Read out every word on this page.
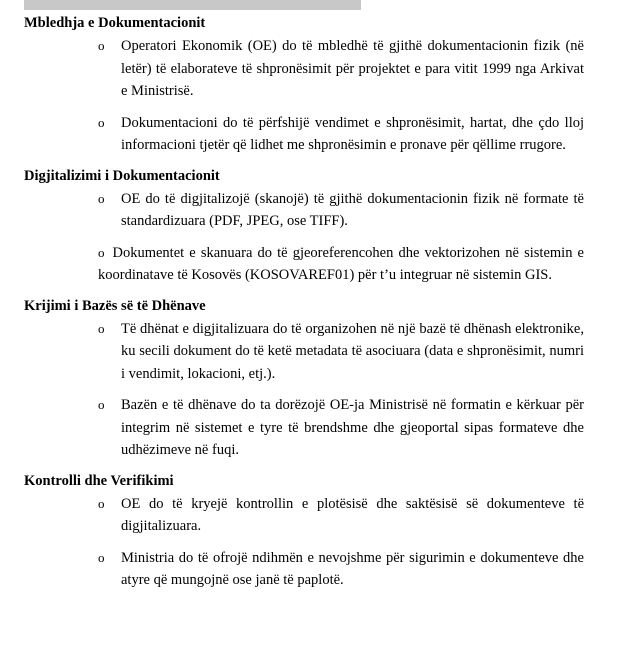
Mbledhja e Dokumentacionit
o Operatori Ekonomik (OE) do të mbledhë të gjithë dokumentacionin fizik (në letër) të elaborateve të shpronësimit për projektet e para vitit 1999 nga Arkivat e Ministrisë.
o Dokumentacioni do të përfshijë vendimet e shpronësimit, hartat, dhe çdo lloj informacioni tjetër që lidhet me shpronësimin e pronave për qëllime rrugore.
Digjitalizimi i Dokumentacionit
o OE do të digjitalizojë (skanojë) të gjithë dokumentacionin fizik në formate të standardizuara (PDF, JPEG, ose TIFF).
o Dokumentet e skanuara do të gjeoreferencohen dhe vektorizohen në sistemin e koordinatave të Kosovës (KOSOVAREF01) për t’u integruar në sistemin GIS.
Krijimi i Bazës së të Dhënave
o Të dhënat e digjitalizuara do të organizohen në një bazë të dhënash elektronike, ku secili dokument do të ketë metadata të asociuara (data e shpronësimit, numri i vendimit, lokacioni, etj.).
o Bazën e të dhënave do ta dorëzojë OE-ja Ministrisë në formatin e kërkuar për integrim në sistemet e tyre të brendshme dhe gjeoportal sipas formateve dhe udhëzimeve në fuqi.
Kontrolli dhe Verifikimi
o OE do të kryejë kontrollin e plotësisë dhe saktësisë së dokumenteve të digjitalizuara.
o Ministria do të ofrojë ndihmën e nevojshme për sigurimin e dokumenteve dhe atyre që mungojnë ose janë të paplotë.
